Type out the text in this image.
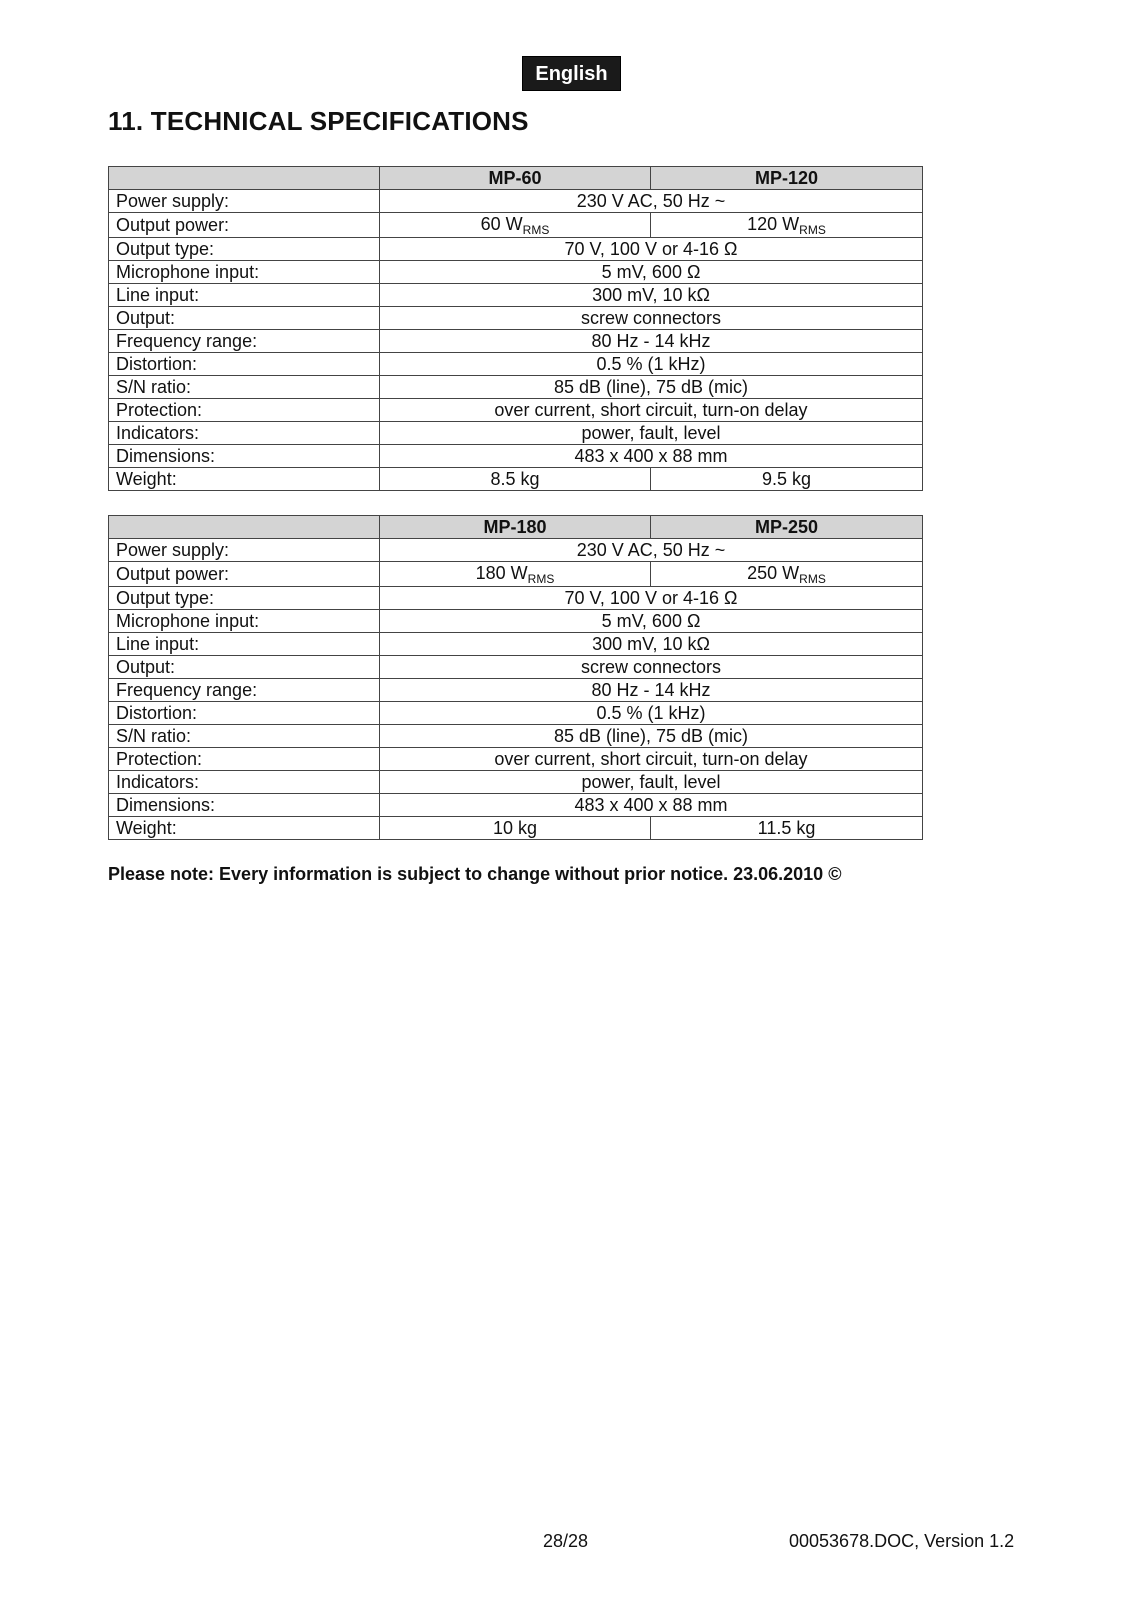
English
11. TECHNICAL SPECIFICATIONS
	MP-60	MP-120
Power supply:	230 V AC, 50 Hz ~	
Output power:	60 $W_{RMS}$	120 $W_{RMS}$
Output type:	70 V, 100 V or 4-16 Ω	
Microphone input:	5 mV, 600 Ω	
Line input:	300 mV, 10 kΩ	
Output:	screw connectors	
Frequency range:	80 Hz - 14 kHz	
Distortion:	0.5 % (1 kHz)	
S/N ratio:	85 dB (line), 75 dB (mic)	
Protection:	over current, short circuit, turn-on delay	
Indicators:	power, fault, level	
Dimensions:	483 x 400 x 88 mm	
Weight:	8.5 kg	9.5 kg
	MP-180	MP-250
Power supply:	230 V AC, 50 Hz ~	
Output power:	180 $W_{RMS}$	250 $W_{RMS}$
Output type:	70 V, 100 V or 4-16 Ω	
Microphone input:	5 mV, 600 Ω	
Line input:	300 mV, 10 kΩ	
Output:	screw connectors	
Frequency range:	80 Hz - 14 kHz	
Distortion:	0.5 % (1 kHz)	
S/N ratio:	85 dB (line), 75 dB (mic)	
Protection:	over current, short circuit, turn-on delay	
Indicators:	power, fault, level	
Dimensions:	483 x 400 x 88 mm	
Weight:	10 kg	11.5 kg

Please note: Every information is subject to change without prior notice. 23.06.2010 ©

28/28	00053678.DOC, Version 1.2
